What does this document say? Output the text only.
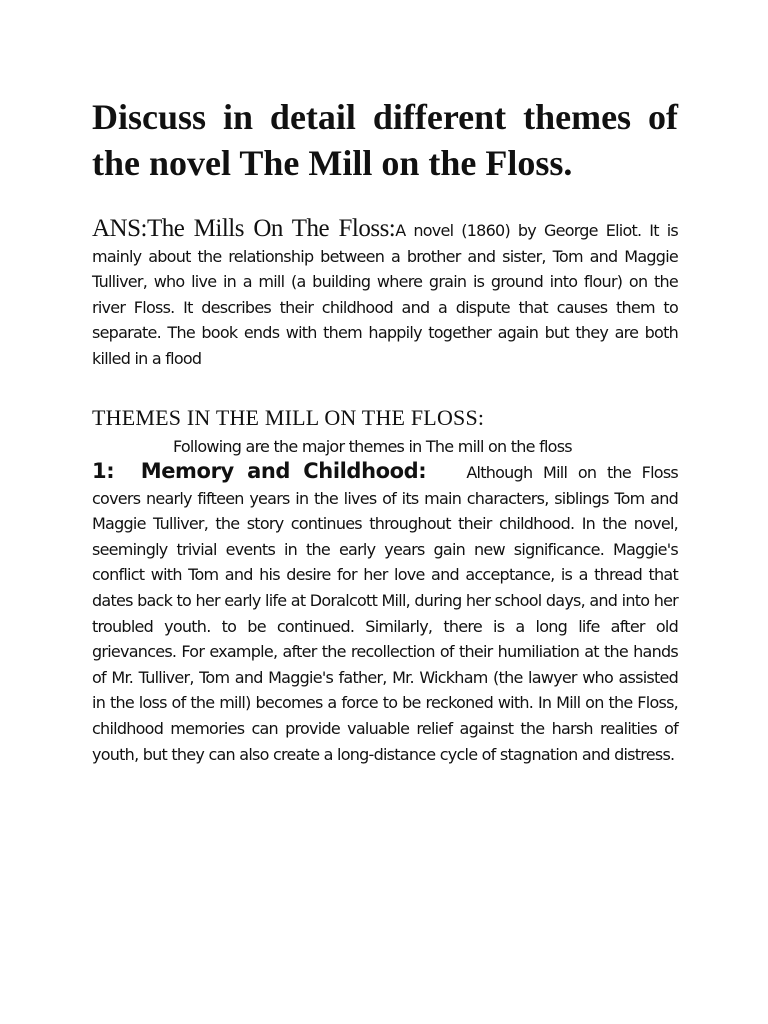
Discuss in detail different themes of the novel The Mill on the Floss.

ANS:The Mills On The Floss:A novel (1860) by George Eliot. It is mainly about the relationship between a brother and sister, Tom and Maggie Tulliver, who live in a mill (a building where grain is ground into flour) on the river Floss. It describes their childhood and a dispute that causes them to separate. The book ends with them happily together again but they are both killed in a flood

THEMES IN THE MILL ON THE FLOSS:

Following are the major themes in The mill on the floss

1:  Memory and Childhood:	Although Mill on the Floss covers nearly fifteen years in the lives of its main characters, siblings Tom and Maggie Tulliver, the story continues throughout their childhood. In the novel, seemingly trivial events in the early years gain new significance. Maggie's conflict with Tom and his desire for her love and acceptance, is a thread that dates back to her early life at Doralcott Mill, during her school days, and into her troubled youth. to be continued. Similarly, there is a long life after old grievances. For example, after the recollection of their humiliation at the hands of Mr. Tulliver, Tom and Maggie's father, Mr. Wickham (the lawyer who assisted in the loss of the mill) becomes a force to be reckoned with. In Mill on the Floss, childhood memories can provide valuable relief against the harsh realities of youth, but they can also create a long-distance cycle of stagnation and distress.
